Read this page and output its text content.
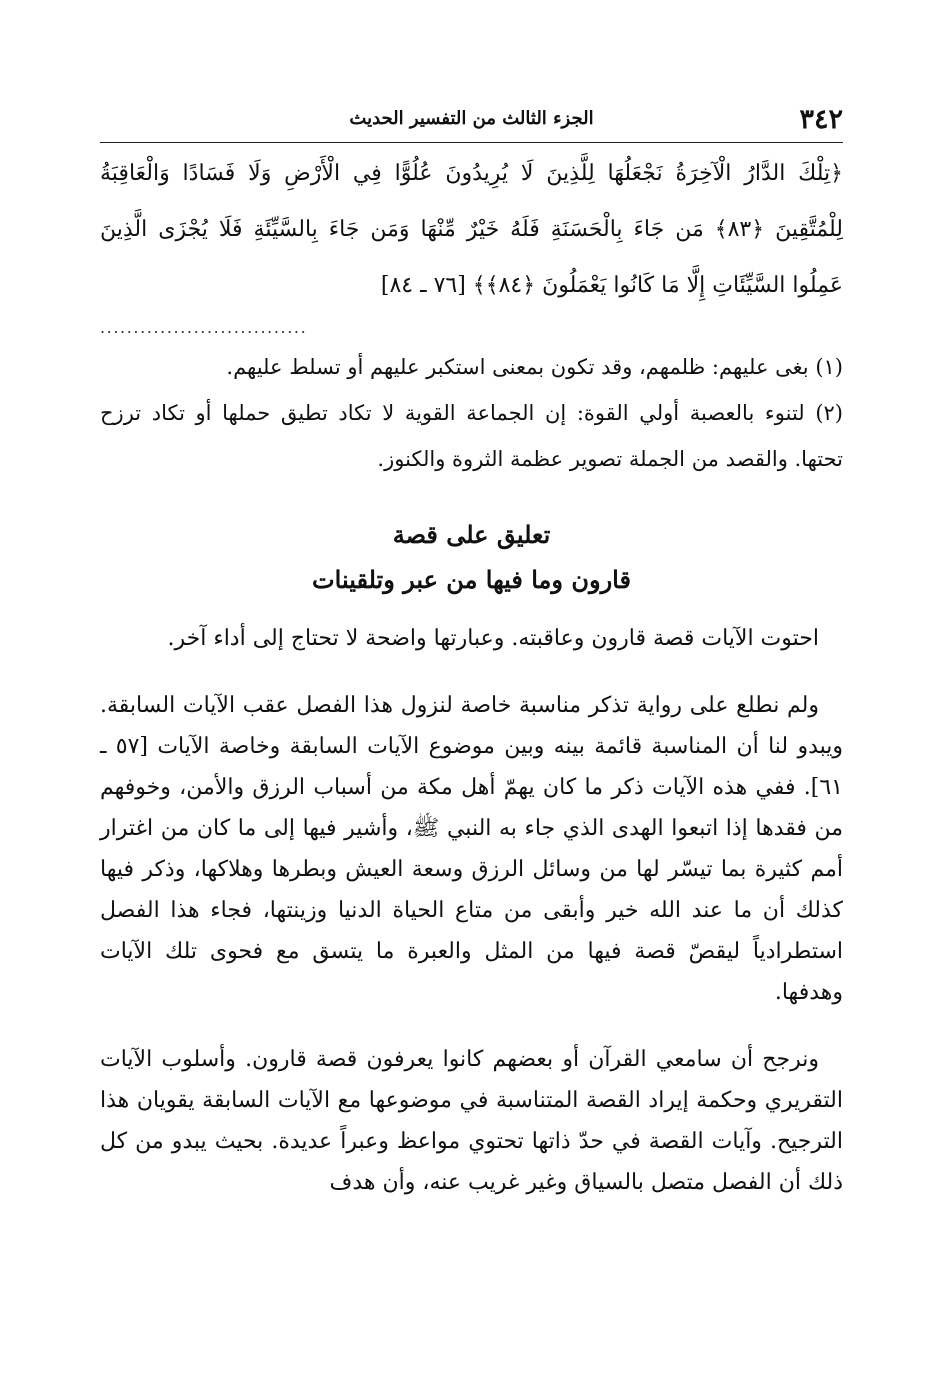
٣٤٢
الجزء الثالث من التفسير الحديث
﴿تِلْكَ الدَّارُ الْآخِرَةُ نَجْعَلُهَا لِلَّذِينَ لَا يُرِيدُونَ عُلُوًّا فِي الْأَرْضِ وَلَا فَسَادًا وَالْعَاقِبَةُ لِلْمُتَّقِينَ ﴿٨٣﴾ مَن جَاءَ بِالْحَسَنَةِ فَلَهُ خَيْرٌ مِّنْهَا وَمَن جَاءَ بِالسَّيِّئَةِ فَلَا يُجْزَى الَّذِينَ عَمِلُوا السَّيِّئَاتِ إِلَّا مَا كَانُوا يَعْمَلُونَ ﴿٨٤﴾﴾ [٧٦ ـ ٨٤]
...............................

(١) بغى عليهم: ظلمهم، وقد تكون بمعنى استكبر عليهم أو تسلط عليهم.

(٢) لتنوء بالعصبة أولي القوة: إن الجماعة القوية لا تكاد تطيق حملها أو تكاد ترزح تحتها. والقصد من الجملة تصوير عظمة الثروة والكنوز.

تعليق على قصة
قارون وما فيها من عبر وتلقينات

احتوت الآيات قصة قارون وعاقبته. وعبارتها واضحة لا تحتاج إلى أداء آخر.

ولم نطلع على رواية تذكر مناسبة خاصة لنزول هذا الفصل عقب الآيات السابقة. ويبدو لنا أن المناسبة قائمة بينه وبين موضوع الآيات السابقة وخاصة الآيات [٥٧ ـ ٦١]. ففي هذه الآيات ذكر ما كان يهمّ أهل مكة من أسباب الرزق والأمن، وخوفهم من فقدها إذا اتبعوا الهدى الذي جاء به النبي ﷺ، وأشير فيها إلى ما كان من اغترار أمم كثيرة بما تيسّر لها من وسائل الرزق وسعة العيش وبطرها وهلاكها، وذكر فيها كذلك أن ما عند الله خير وأبقى من متاع الحياة الدنيا وزينتها، فجاء هذا الفصل استطرادياً ليقصّ قصة فيها من المثل والعبرة ما يتسق مع فحوى تلك الآيات وهدفها.

ونرجح أن سامعي القرآن أو بعضهم كانوا يعرفون قصة قارون. وأسلوب الآيات التقريري وحكمة إيراد القصة المتناسبة في موضوعها مع الآيات السابقة يقويان هذا الترجيح. وآيات القصة في حدّ ذاتها تحتوي مواعظ وعبراً عديدة. بحيث يبدو من كل ذلك أن الفصل متصل بالسياق وغير غريب عنه، وأن هدف
